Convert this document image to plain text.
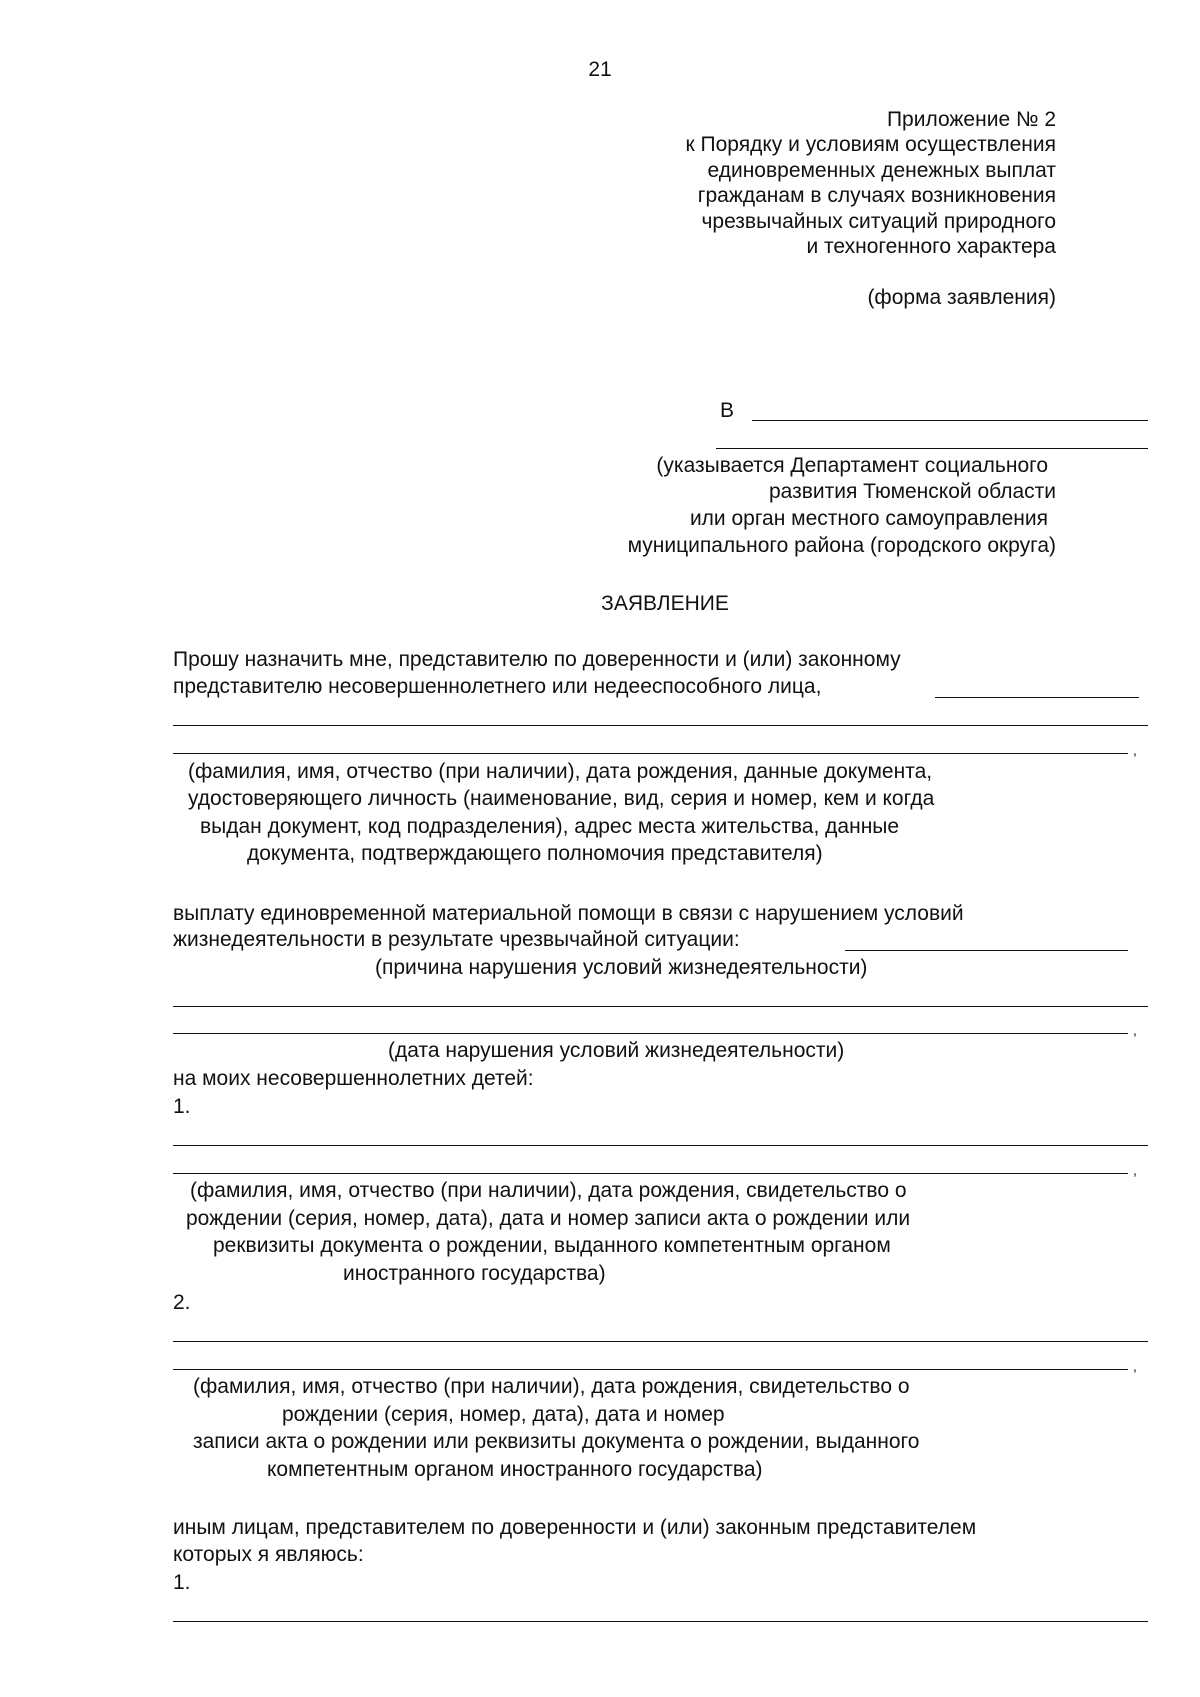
21
Приложение № 2
к Порядку и условиям осуществления
единовременных денежных выплат
гражданам в случаях возникновения
чрезвычайных ситуаций природного
и техногенного характера
(форма заявления)
В
(указывается Департамент социального
развития Тюменской области
или орган местного самоуправления
муниципального района (городского округа)
ЗАЯВЛЕНИЕ
Прошу назначить мне, представителю по доверенности и (или) законному
представителю несовершеннолетнего или недееспособного лица,
,
(фамилия, имя, отчество (при наличии), дата рождения, данные документа,
удостоверяющего личность (наименование, вид, серия и номер, кем и когда
выдан документ, код подразделения), адрес места жительства, данные
документа, подтверждающего полномочия представителя)
выплату единовременной материальной помощи в связи с нарушением условий
жизнедеятельности в результате чрезвычайной ситуации:
(причина нарушения условий жизнедеятельности)
,
(дата нарушения условий жизнедеятельности)
на моих несовершеннолетних детей:
1.
,
(фамилия, имя, отчество (при наличии), дата рождения, свидетельство о
рождении (серия, номер, дата), дата и номер записи акта о рождении или
реквизиты документа о рождении, выданного компетентным органом
иностранного государства)
2.
,
(фамилия, имя, отчество (при наличии), дата рождения, свидетельство о
рождении (серия, номер, дата), дата и номер
записи акта о рождении или реквизиты документа о рождении, выданного
компетентным органом иностранного государства)
иным лицам, представителем по доверенности и (или) законным представителем
которых я являюсь:
1.
